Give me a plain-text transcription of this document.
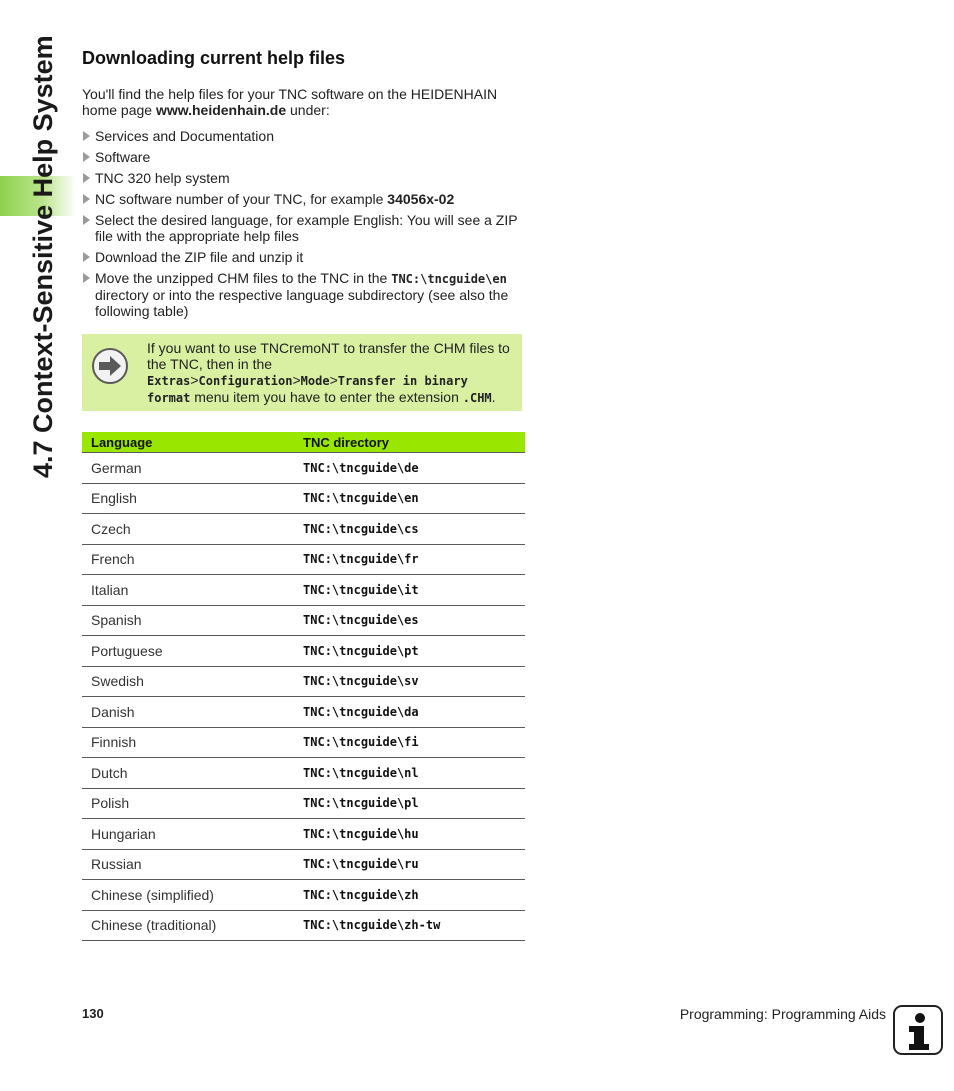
4.7 Context-Sensitive Help System Downloading current help files

You'll find the help files for your TNC software on the HEIDENHAIN home page www.heidenhain.de under:

Services and Documentation
Software
TNC 320 help system
NC software number of your TNC, for example 34056x-02
Select the desired language, for example English: You will see a ZIP file with the appropriate help files
Download the ZIP file and unzip it
Move the unzipped CHM files to the TNC in the TNC:\tncguide\en directory or into the respective language subdirectory (see also the following table)
If you want to use TNCremoNT to transfer the CHM files to the TNC, then in the Extras>Configuration>Mode>Transfer in binary format menu item you have to enter the extension .CHM.
Language	TNC directory
German	TNC:\tncguide\de
English	TNC:\tncguide\en
Czech	TNC:\tncguide\cs
French	TNC:\tncguide\fr
Italian	TNC:\tncguide\it
Spanish	TNC:\tncguide\es
Portuguese	TNC:\tncguide\pt
Swedish	TNC:\tncguide\sv
Danish	TNC:\tncguide\da
Finnish	TNC:\tncguide\fi
Dutch	TNC:\tncguide\nl
Polish	TNC:\tncguide\pl
Hungarian	TNC:\tncguide\hu
Russian	TNC:\tncguide\ru
Chinese (simplified)	TNC:\tncguide\zh
Chinese (traditional)	TNC:\tncguide\zh-tw
130	Programming: Programming Aids
